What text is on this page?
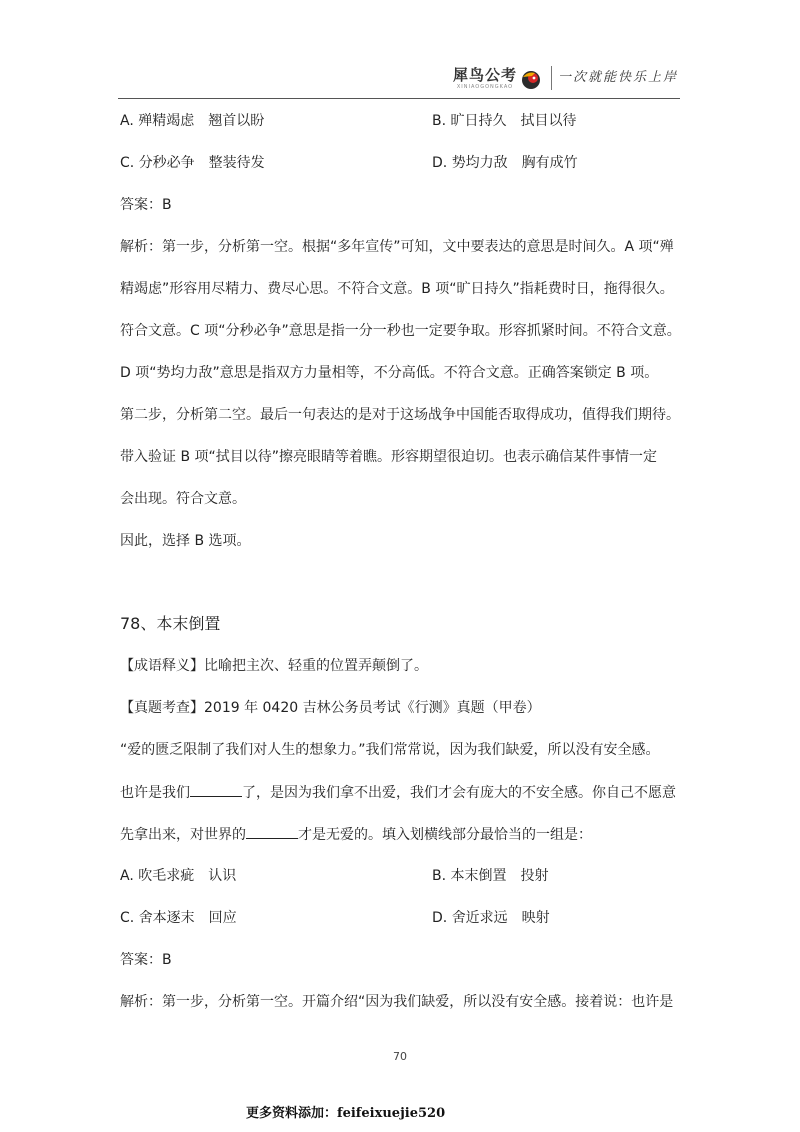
犀鸟公考
XINIAOGONGKAO
一次就能快乐上岸
A. 殚精竭虑　翘首以盼	B. 旷日持久　拭目以待
C. 分秒必争　整装待发	D. 势均力敌　胸有成竹
答案：B
解析：第一步，分析第一空。根据“多年宣传”可知，文中要表达的意思是时间久。A 项“殚
精竭虑”形容用尽精力、费尽心思。不符合文意。B 项“旷日持久”指耗费时日，拖得很久。
符合文意。C 项“分秒必争”意思是指一分一秒也一定要争取。形容抓紧时间。不符合文意。
D 项“势均力敌”意思是指双方力量相等，不分高低。不符合文意。正确答案锁定 B 项。
第二步，分析第二空。最后一句表达的是对于这场战争中国能否取得成功，值得我们期待。
带入验证 B 项“拭目以待”擦亮眼睛等着瞧。形容期望很迫切。也表示确信某件事情一定
会出现。符合文意。
因此，选择 B 选项。
78、本末倒置
【成语释义】比喻把主次、轻重的位置弄颠倒了。
【真题考查】2019 年 0420 吉林公务员考试《行测》真题（甲卷）
“爱的匮乏限制了我们对人生的想象力。”我们常常说，因为我们缺爱，所以没有安全感。
也许是我们	了，是因为我们拿不出爱，我们才会有庞大的不安全感。你自己不愿意
先拿出来，对世界的	才是无爱的。填入划横线部分最恰当的一组是：
A. 吹毛求疵　认识	B. 本末倒置　投射
C. 舍本逐末　回应	D. 舍近求远　映射
答案：B
解析：第一步，分析第一空。开篇介绍“因为我们缺爱，所以没有安全感。接着说：也许是
70
更多资料添加：feifeixuejie520
